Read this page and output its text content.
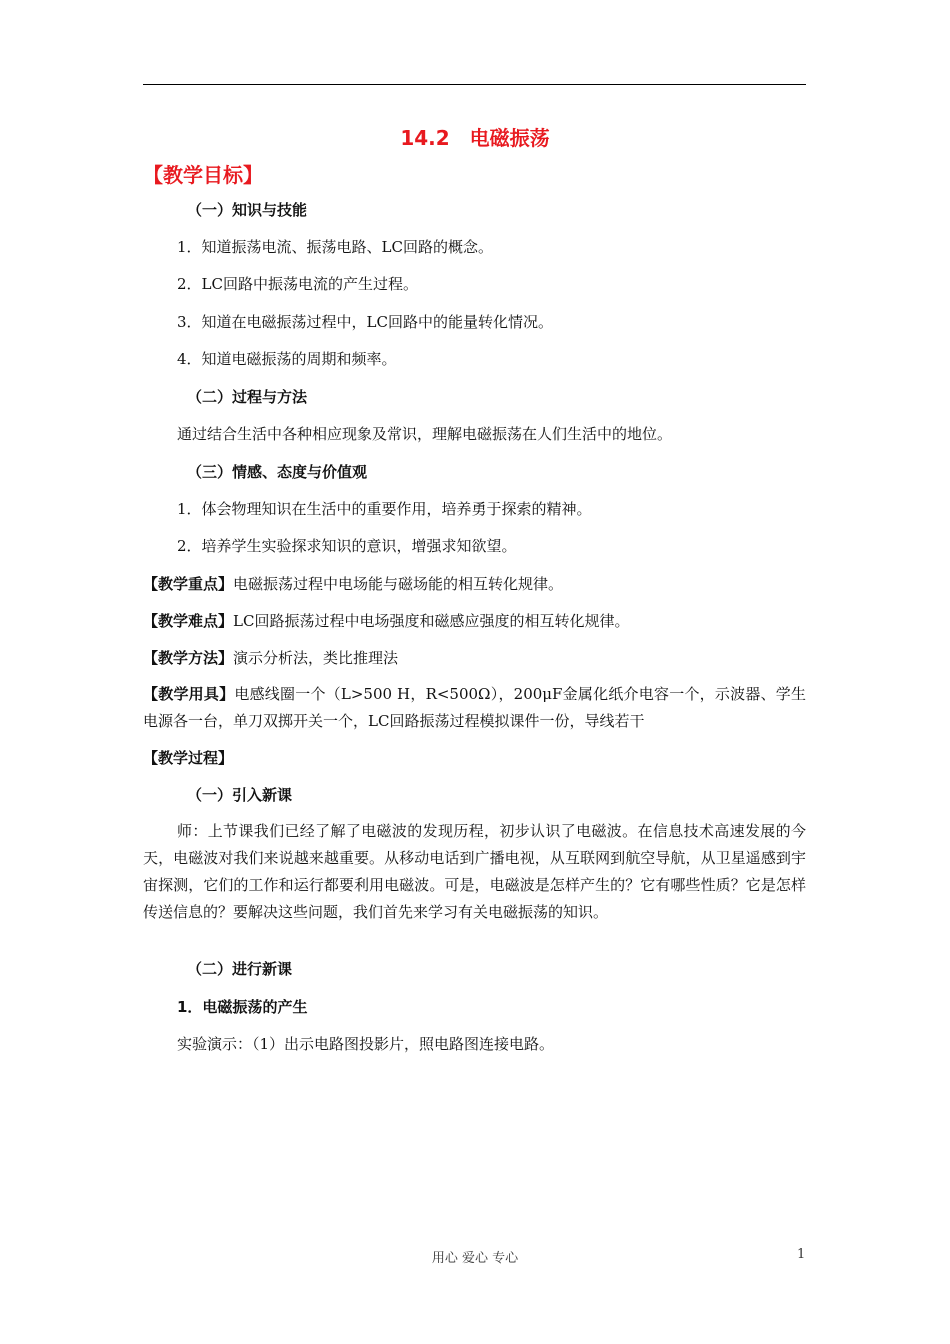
14.2　电磁振荡
【教学目标】
（一）知识与技能
1．知道振荡电流、振荡电路、LC回路的概念。
2．LC回路中振荡电流的产生过程。
3．知道在电磁振荡过程中，LC回路中的能量转化情况。
4．知道电磁振荡的周期和频率。
（二）过程与方法
通过结合生活中各种相应现象及常识，理解电磁振荡在人们生活中的地位。
（三）情感、态度与价值观
1．体会物理知识在生活中的重要作用，培养勇于探索的精神。
2．培养学生实验探求知识的意识，增强求知欲望。
【教学重点】电磁振荡过程中电场能与磁场能的相互转化规律。
【教学难点】LC回路振荡过程中电场强度和磁感应强度的相互转化规律。
【教学方法】演示分析法，类比推理法
【教学用具】电感线圈一个（L>500 H，R<500Ω），200μF金属化纸介电容一个，示波器、学生电源各一台，单刀双掷开关一个，LC回路振荡过程模拟课件一份，导线若干
【教学过程】
（一）引入新课
师：上节课我们已经了解了电磁波的发现历程，初步认识了电磁波。在信息技术高速发展的今天，电磁波对我们来说越来越重要。从移动电话到广播电视，从互联网到航空导航，从卫星遥感到宇宙探测，它们的工作和运行都要利用电磁波。可是，电磁波是怎样产生的？它有哪些性质？它是怎样传送信息的？要解决这些问题，我们首先来学习有关电磁振荡的知识。
（二）进行新课
1．电磁振荡的产生
实验演示：（1）出示电路图投影片，照电路图连接电路。
用心 爱心 专心	1
